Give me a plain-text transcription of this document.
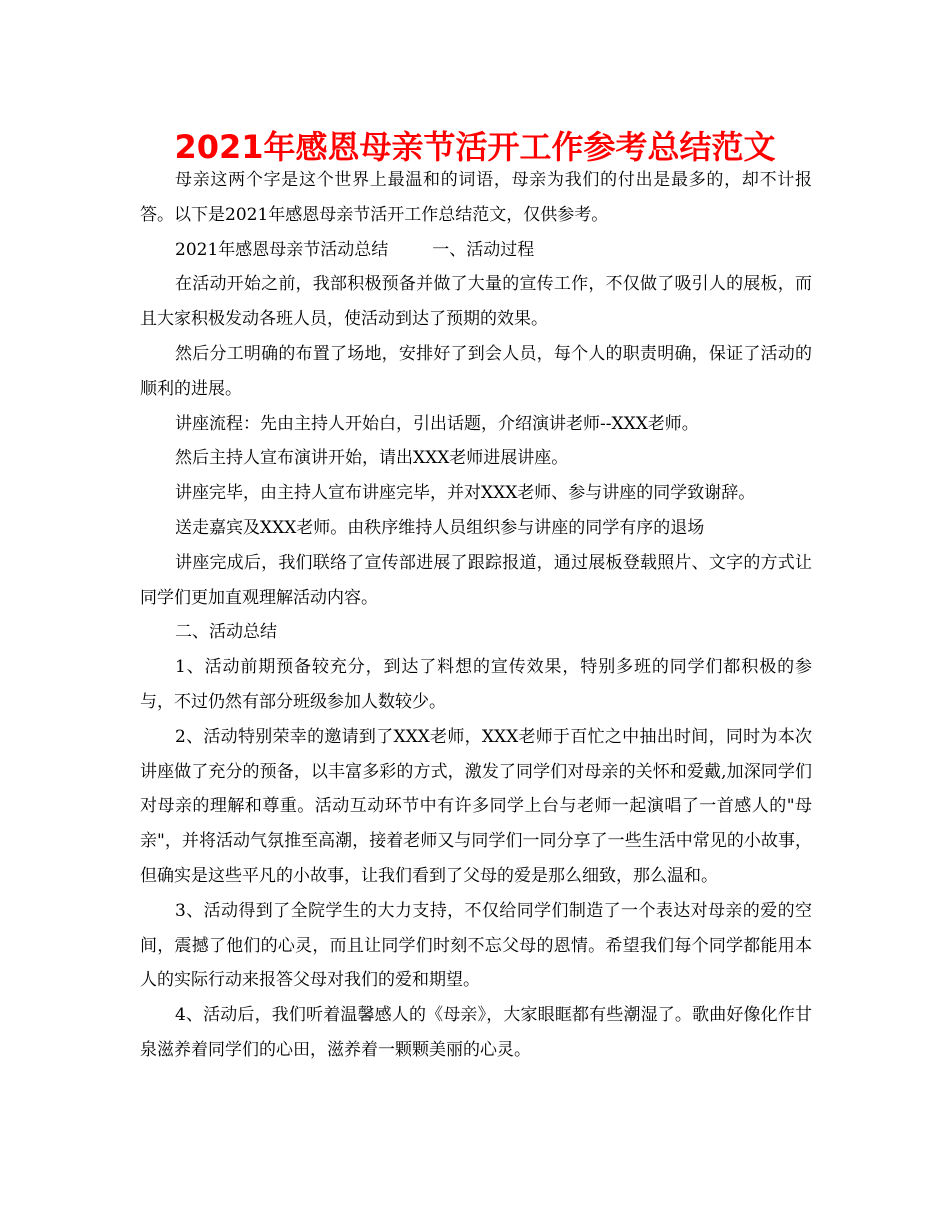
2021年感恩母亲节活开工作参考总结范文

母亲这两个字是这个世界上最温和的词语，母亲为我们的付出是最多的，却不计报答。以下是2021年感恩母亲节活开工作总结范文，仅供参考。

2021年感恩母亲节活动总结	一、活动过程

在活动开始之前，我部积极预备并做了大量的宣传工作，不仅做了吸引人的展板，而且大家积极发动各班人员，使活动到达了预期的效果。

然后分工明确的布置了场地，安排好了到会人员，每个人的职责明确，保证了活动的顺利的进展。

讲座流程：先由主持人开始白，引出话题，介绍演讲老师--XXX老师。

然后主持人宣布演讲开始，请出XXX老师进展讲座。

讲座完毕，由主持人宣布讲座完毕，并对XXX老师、参与讲座的同学致谢辞。

送走嘉宾及XXX老师。由秩序维持人员组织参与讲座的同学有序的退场

讲座完成后，我们联络了宣传部进展了跟踪报道，通过展板登载照片、文字的方式让同学们更加直观理解活动内容。

二、活动总结

1、活动前期预备较充分，到达了料想的宣传效果，特别多班的同学们都积极的参与，不过仍然有部分班级参加人数较少。

2、活动特别荣幸的邀请到了XXX老师，XXX老师于百忙之中抽出时间，同时为本次讲座做了充分的预备，以丰富多彩的方式，激发了同学们对母亲的关怀和爱戴,加深同学们对母亲的理解和尊重。活动互动环节中有许多同学上台与老师一起演唱了一首感人的"母亲"，并将活动气氛推至高潮，接着老师又与同学们一同分享了一些生活中常见的小故事，但确实是这些平凡的小故事，让我们看到了父母的爱是那么细致，那么温和。

3、活动得到了全院学生的大力支持，不仅给同学们制造了一个表达对母亲的爱的空间，震撼了他们的心灵，而且让同学们时刻不忘父母的恩情。希望我们每个同学都能用本人的实际行动来报答父母对我们的爱和期望。

4、活动后，我们听着温馨感人的《母亲》，大家眼眶都有些潮湿了。歌曲好像化作甘泉滋养着同学们的心田，滋养着一颗颗美丽的心灵。
